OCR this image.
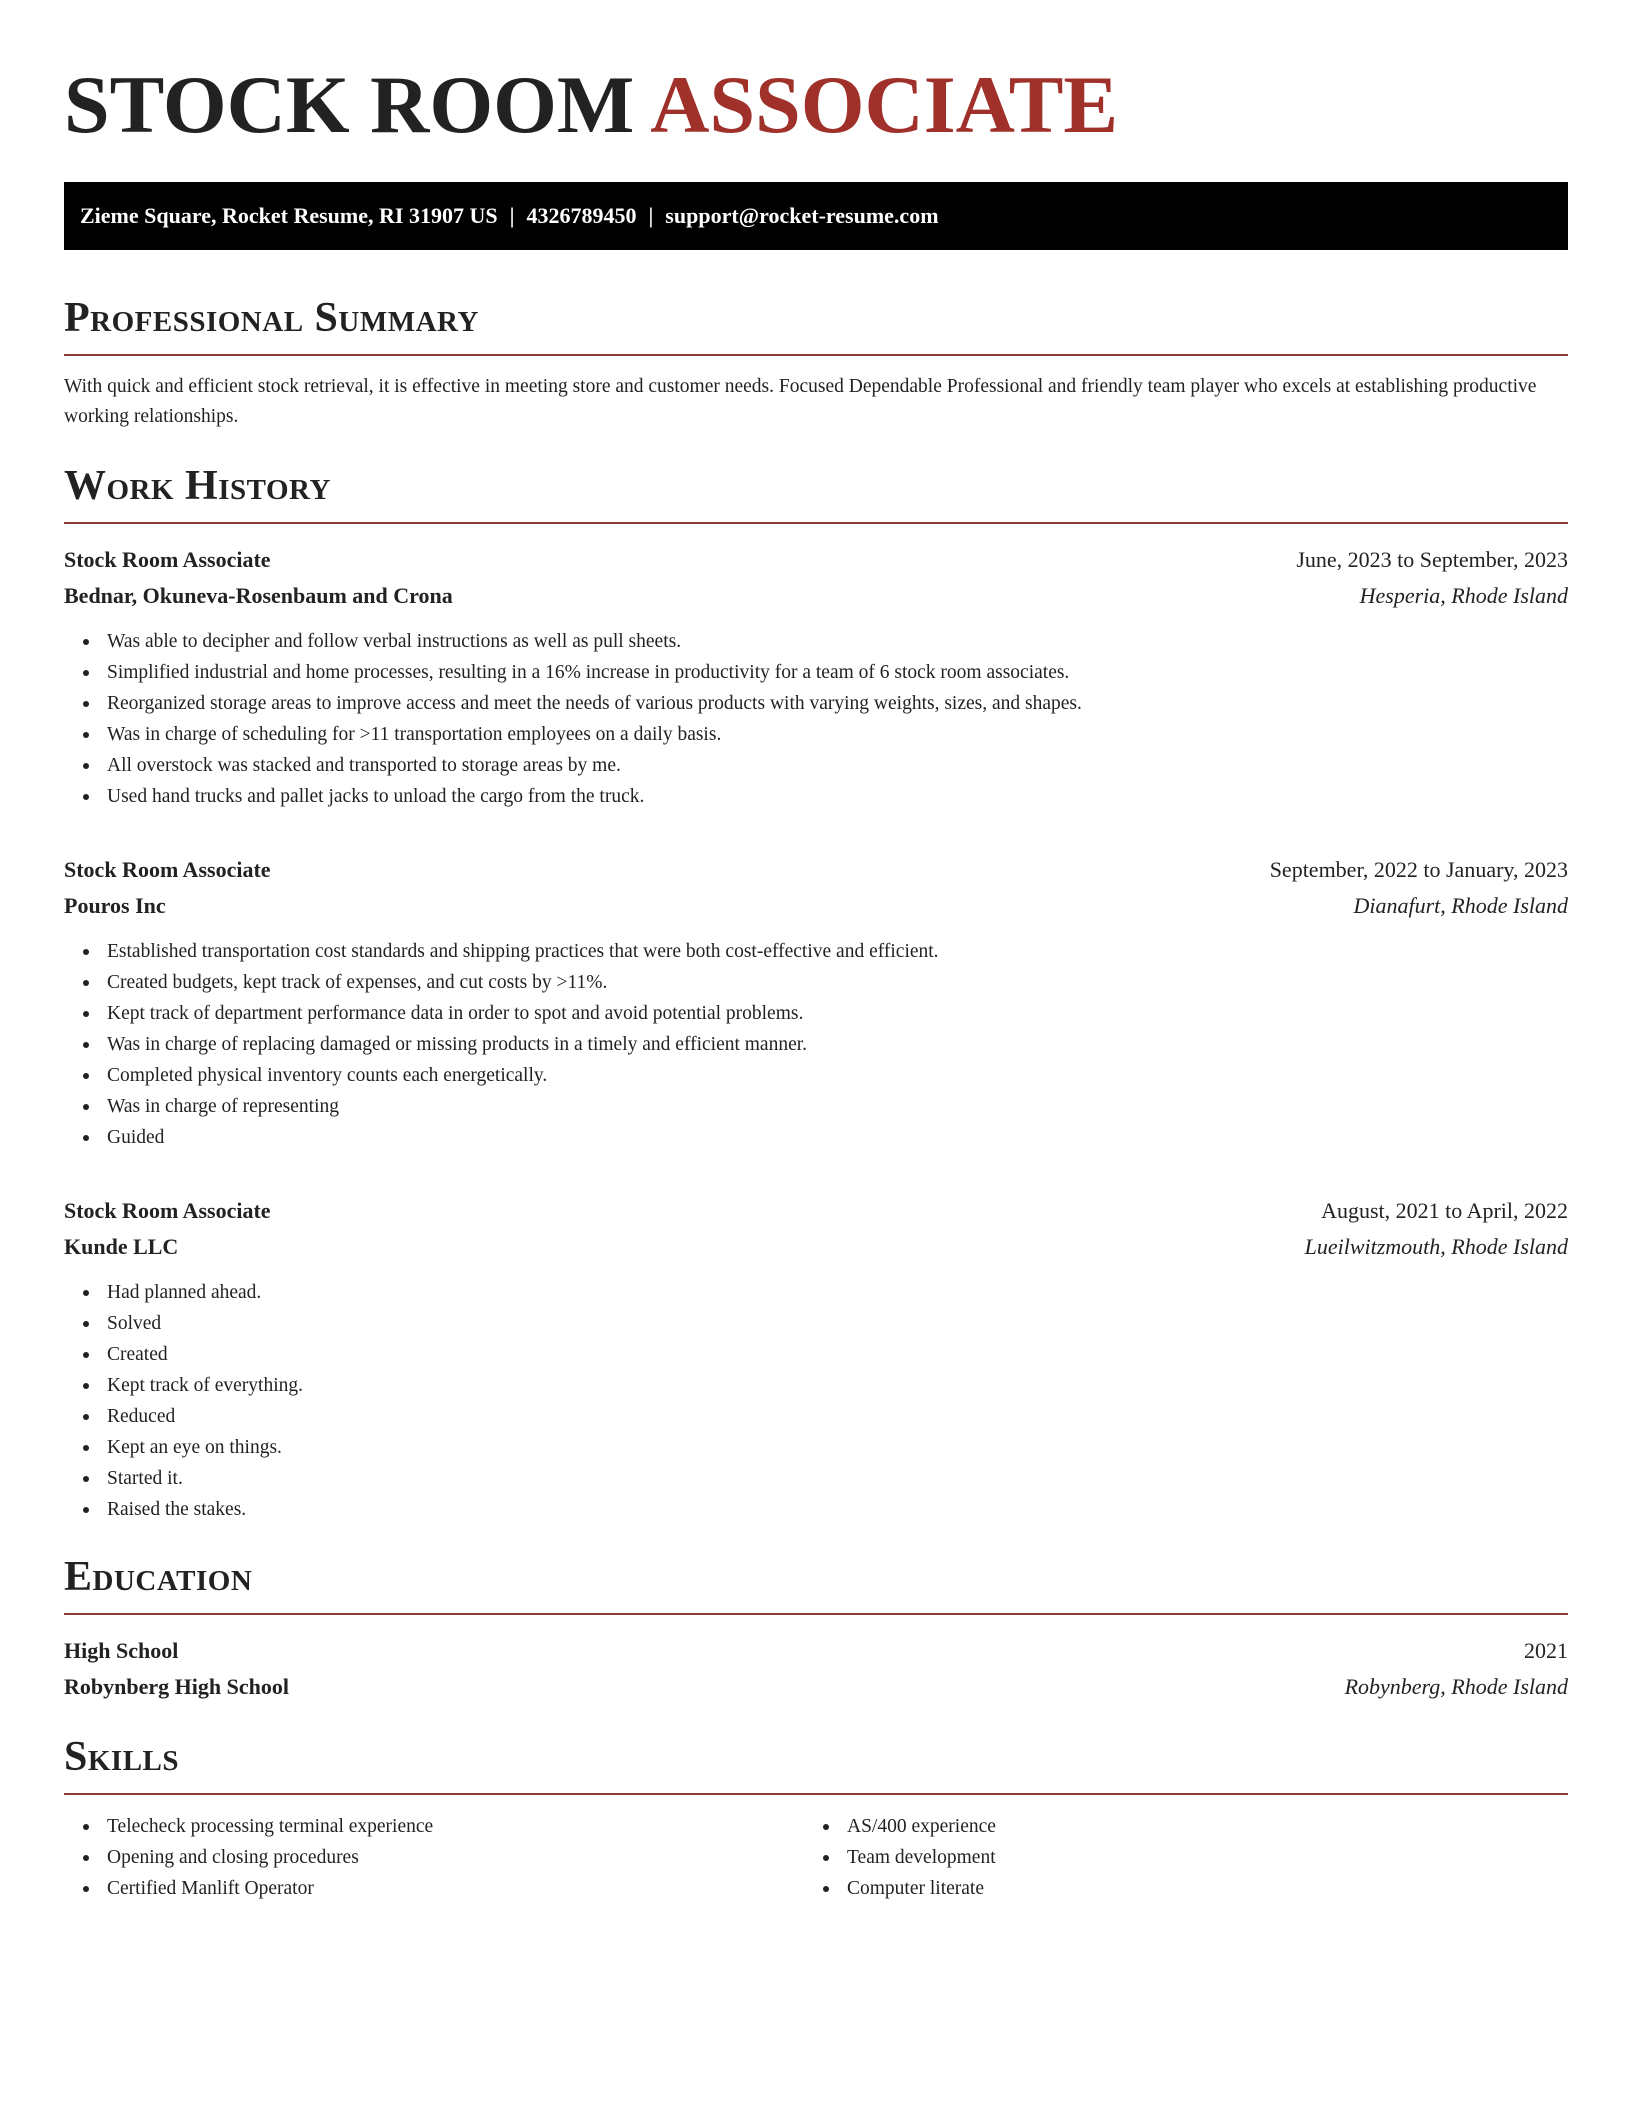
STOCK ROOM ASSOCIATE
Zieme Square, Rocket Resume, RI 31907 US | 4326789450 | support@rocket-resume.com
Professional Summary

With quick and efficient stock retrieval, it is effective in meeting store and customer needs. Focused Dependable Professional and friendly team player who excels at establishing productive working relationships.

Work History
Stock Room Associate	June, 2023 to September, 2023
Bednar, Okuneva-Rosenbaum and Crona	Hesperia, Rhode Island
Was able to decipher and follow verbal instructions as well as pull sheets.
Simplified industrial and home processes, resulting in a 16% increase in productivity for a team of 6 stock room associates.
Reorganized storage areas to improve access and meet the needs of various products with varying weights, sizes, and shapes.
Was in charge of scheduling for >11 transportation employees on a daily basis.
All overstock was stacked and transported to storage areas by me.
Used hand trucks and pallet jacks to unload the cargo from the truck.
Stock Room Associate	September, 2022 to January, 2023
Pouros Inc	Dianafurt, Rhode Island
Established transportation cost standards and shipping practices that were both cost-effective and efficient.
Created budgets, kept track of expenses, and cut costs by >11%.
Kept track of department performance data in order to spot and avoid potential problems.
Was in charge of replacing damaged or missing products in a timely and efficient manner.
Completed physical inventory counts each energetically.
Was in charge of representing
Guided
Stock Room Associate	August, 2021 to April, 2022
Kunde LLC	Lueilwitzmouth, Rhode Island
Had planned ahead.
Solved
Created
Kept track of everything.
Reduced
Kept an eye on things.
Started it.
Raised the stakes.
Education
High School	2021
Robynberg High School	Robynberg, Rhode Island
Skills
Telecheck processing terminal experience
Opening and closing procedures
Certified Manlift Operator
AS/400 experience
Team development
Computer literate
